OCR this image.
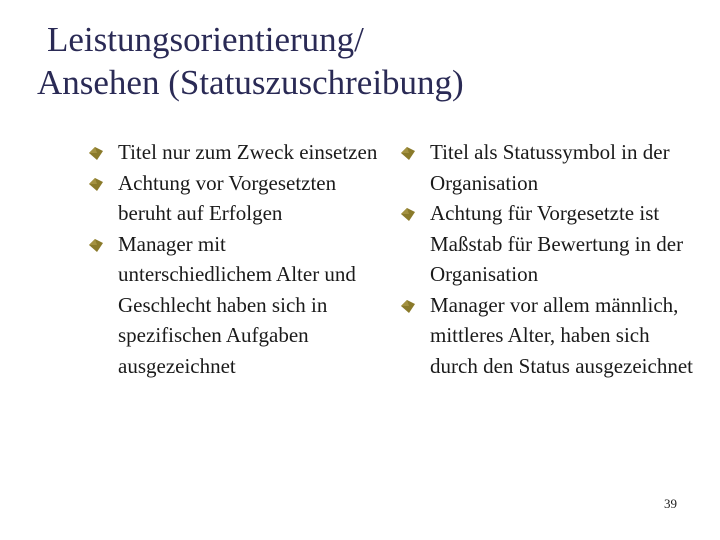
Leistungsorientierung/
Ansehen (Statuszuschreibung)
Titel nur zum Zweck einsetzen
Achtung vor Vorgesetzten beruht auf Erfolgen
Manager mit unterschiedlichem Alter und Geschlecht haben sich in spezifischen Aufgaben ausgezeichnet
Titel als Statussymbol in der Organisation
Achtung für Vorgesetzte ist Maßstab für Bewertung in der Organisation
Manager vor allem männlich, mittleres Alter, haben sich durch den Status ausgezeichnet
39
